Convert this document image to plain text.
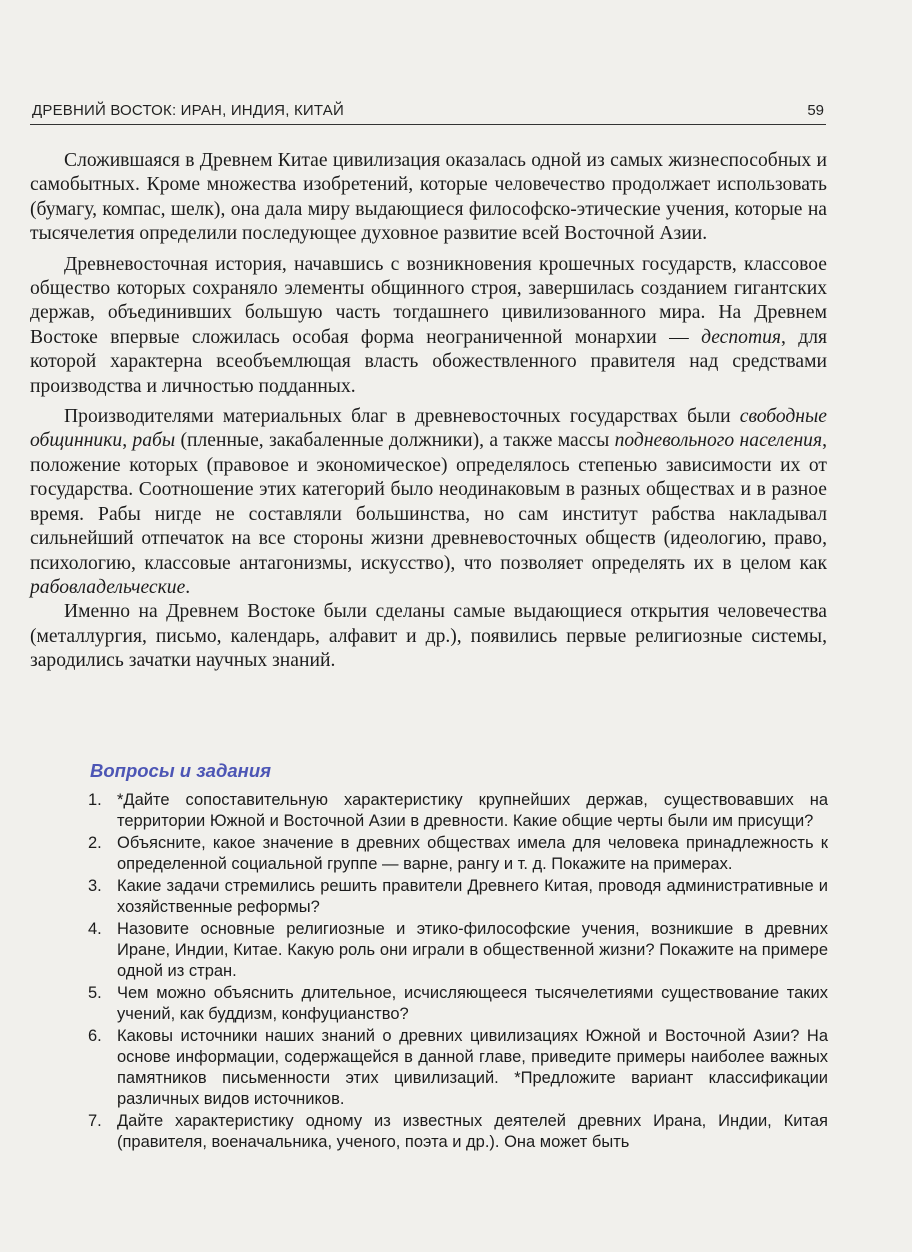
ДРЕВНИЙ ВОСТОК: ИРАН, ИНДИЯ, КИТАЙ	59

Сложившаяся в Древнем Китае цивилизация оказалась одной из самых жизнеспособных и самобытных. Кроме множества изобретений, которые человечество продолжает использовать (бумагу, компас, шелк), она дала миру выдающиеся философско-этические учения, которые на тысячелетия определили последующее духовное развитие всей Восточной Азии.

Древневосточная история, начавшись с возникновения крошечных государств, классовое общество которых сохраняло элементы общинного строя, завершилась созданием гигантских держав, объединивших большую часть тогдашнего цивилизованного мира. На Древнем Востоке впервые сложилась особая форма неограниченной монархии — деспотия, для которой характерна всеобъемлющая власть обожествленного правителя над средствами производства и личностью подданных.

Производителями материальных благ в древневосточных государствах были свободные общинники, рабы (пленные, закабаленные должники), а также массы подневольного населения, положение которых (правовое и экономическое) определялось степенью зависимости их от государства. Соотношение этих категорий было неодинаковым в разных обществах и в разное время. Рабы нигде не составляли большинства, но сам институт рабства накладывал сильнейший отпечаток на все стороны жизни древневосточных обществ (идеологию, право, психологию, классовые антагонизмы, искусство), что позволяет определять их в целом как рабовладельческие.

Именно на Древнем Востоке были сделаны самые выдающиеся открытия человечества (металлургия, письмо, календарь, алфавит и др.), появились первые религиозные системы, зародились зачатки научных знаний.

Вопросы и задания
1. *Дайте сопоставительную характеристику крупнейших держав, существовавших на территории Южной и Восточной Азии в древности. Какие общие черты были им присущи?
2. Объясните, какое значение в древних обществах имела для человека принадлежность к определенной социальной группе — варне, рангу и т. д. Покажите на примерах.
3. Какие задачи стремились решить правители Древнего Китая, проводя административные и хозяйственные реформы?
4. Назовите основные религиозные и этико-философские учения, возникшие в древних Иране, Индии, Китае. Какую роль они играли в общественной жизни? Покажите на примере одной из стран.
5. Чем можно объяснить длительное, исчисляющееся тысячелетиями существование таких учений, как буддизм, конфуцианство?
6. Каковы источники наших знаний о древних цивилизациях Южной и Восточной Азии? На основе информации, содержащейся в данной главе, приведите примеры наиболее важных памятников письменности этих цивилизаций. *Предложите вариант классификации различных видов источников.
7. Дайте характеристику одному из известных деятелей древних Ирана, Индии, Китая (правителя, военачальника, ученого, поэта и др.). Она может быть
